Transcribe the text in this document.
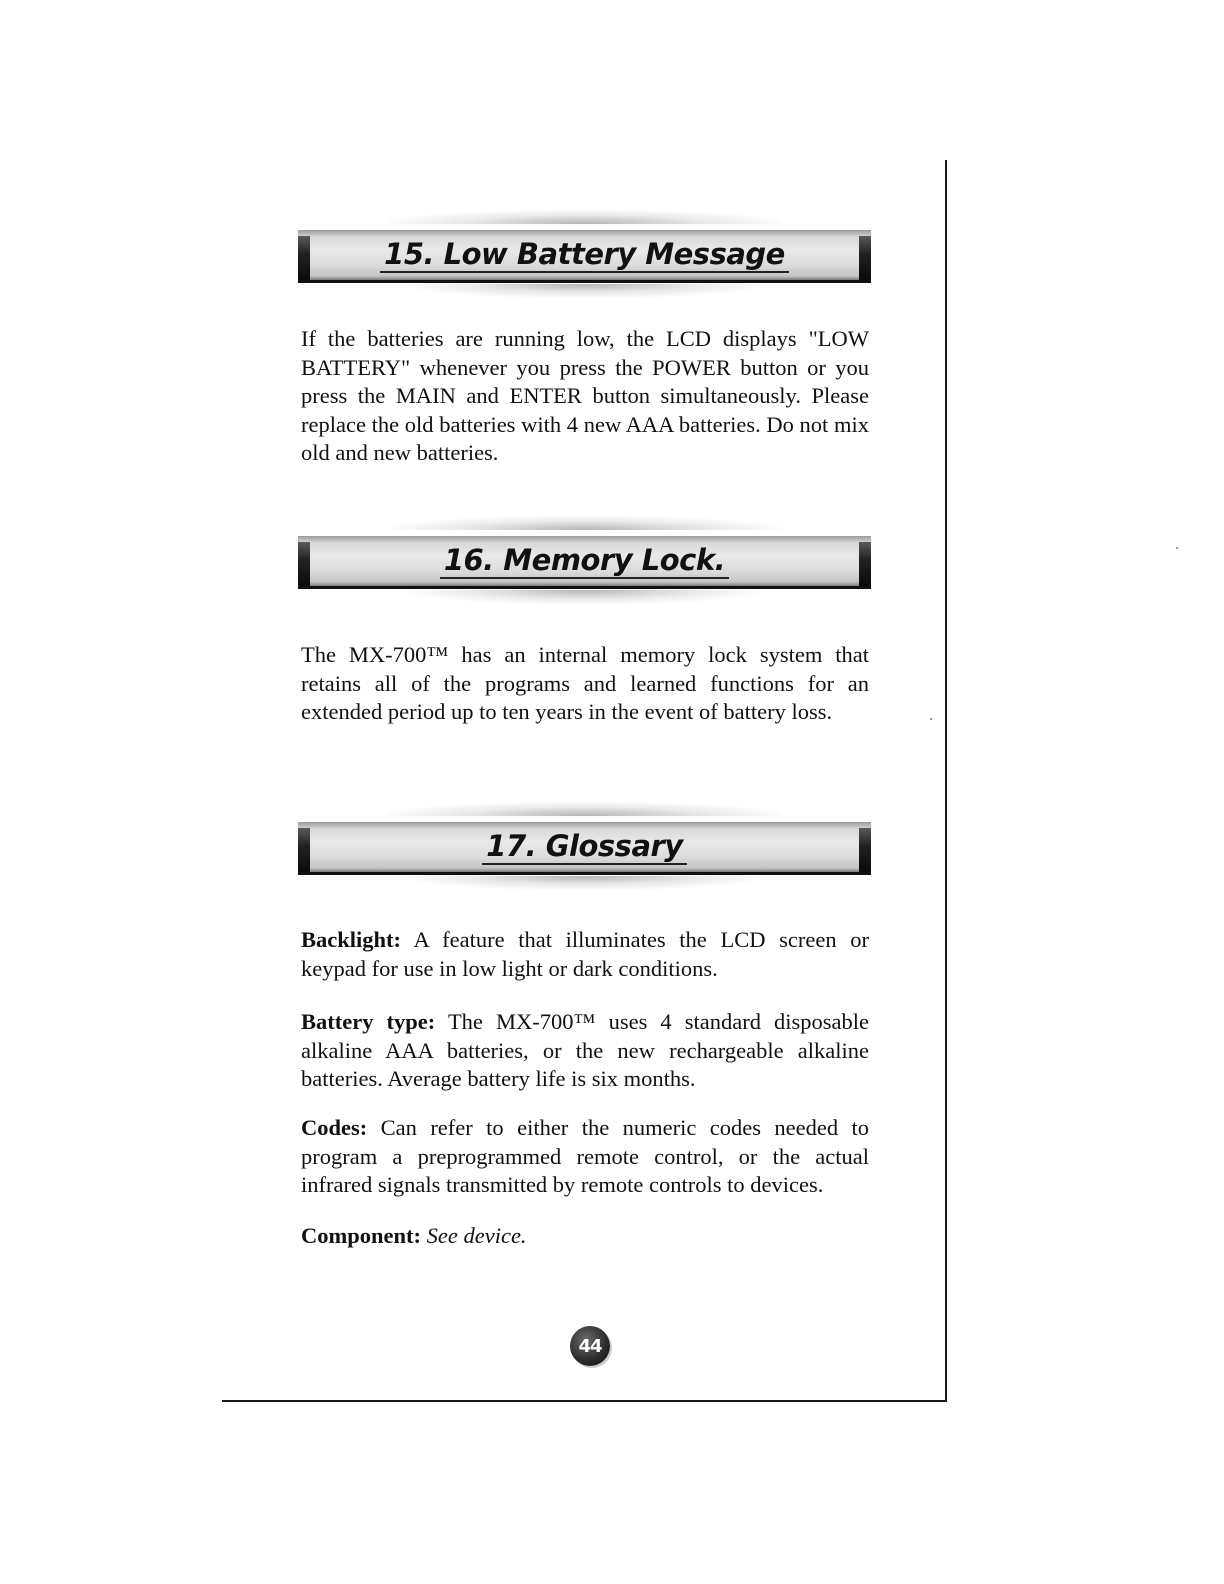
15. Low Battery Message

If the batteries are running low, the LCD displays "LOW BATTERY" whenever you press the POWER button or you press the MAIN and ENTER button simultaneously. Please replace the old batteries with 4 new AAA batteries. Do not mix old and new batteries.

16. Memory Lock.

The MX-700™ has an internal memory lock system that retains all of the programs and learned functions for an extended period up to ten years in the event of battery loss.

17. Glossary

Backlight: A feature that illuminates the LCD screen or keypad for use in low light or dark conditions.

Battery type: The MX-700™ uses 4 standard disposable alkaline AAA batteries, or the new rechargeable alkaline batteries. Average battery life is six months.

Codes: Can refer to either the numeric codes needed to program a preprogrammed remote control, or the actual infrared signals transmitted by remote controls to devices.

Component: See device.

44
